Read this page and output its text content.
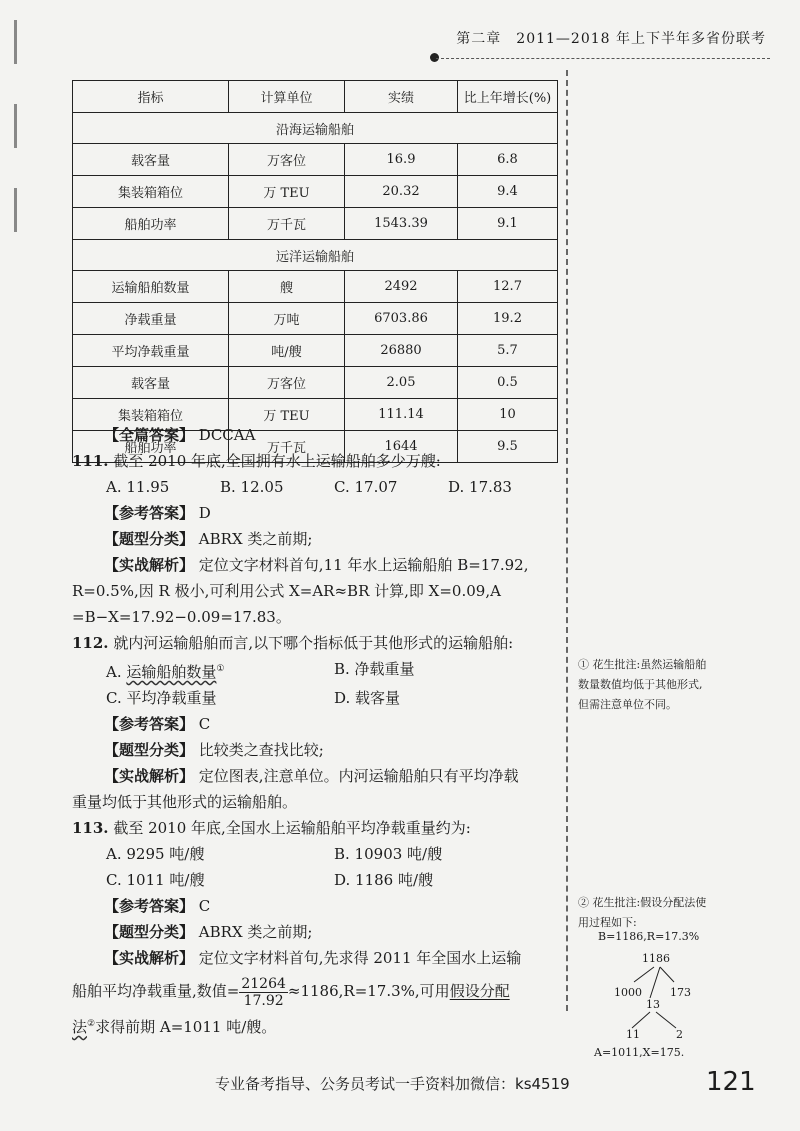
第二章　2011—2018 年上下半年多省份联考
指标	计算单位	实绩	比上年增长(%)
沿海运输船舶			
载客量	万客位	16.9	6.8
集装箱箱位	万 TEU	20.32	9.4
船舶功率	万千瓦	1543.39	9.1
远洋运输船舶			
运输船舶数量	艘	2492	12.7
净载重量	万吨	6703.86	19.2
平均净载重量	吨/艘	26880	5.7
载客量	万客位	2.05	0.5
集装箱箱位	万 TEU	111.14	10
船舶功率	万千瓦	1644	9.5
【全篇答案】 DCCAA
111. 截至 2010 年底,全国拥有水上运输船舶多少万艘:
A. 11.95	B. 12.05	C. 17.07	D. 17.83
【参考答案】 D
【题型分类】 ABRX 类之前期;
【实战解析】 定位文字材料首句,11 年水上运输船舶 B=17.92,
R=0.5%,因 R 极小,可利用公式 X=AR≈BR 计算,即 X=0.09,A
=B−X=17.92−0.09=17.83。
112. 就内河运输船舶而言,以下哪个指标低于其他形式的运输船舶:
A. 运输船舶数量①	B. 净载重量
C. 平均净载重量	D. 载客量
【参考答案】 C
【题型分类】 比较类之查找比较;
【实战解析】 定位图表,注意单位。内河运输船舶只有平均净载
重量均低于其他形式的运输船舶。
113. 截至 2010 年底,全国水上运输船舶平均净载重量约为:
A. 9295 吨/艘	B. 10903 吨/艘
C. 1011 吨/艘	D. 1186 吨/艘
【参考答案】 C
【题型分类】 ABRX 类之前期;
【实战解析】 定位文字材料首句,先求得 2011 年全国水上运输
船舶平均净载重量,数值= $\frac{21264}{17.92} \approx 1186,R=17.3\%$,可用假设分配
法②求得前期 A=1011 吨/艘。
① 花生批注:虽然运输船舶
数量数值均低于其他形式,
但需注意单位不同。
② 花生批注:假设分配法使
用过程如下:
B=1186,R=17.3%
1186
1000	173
13
11	2
A=1011,X=175.
专业备考指导、公务员考试一手资料加微信：ks4519	121
